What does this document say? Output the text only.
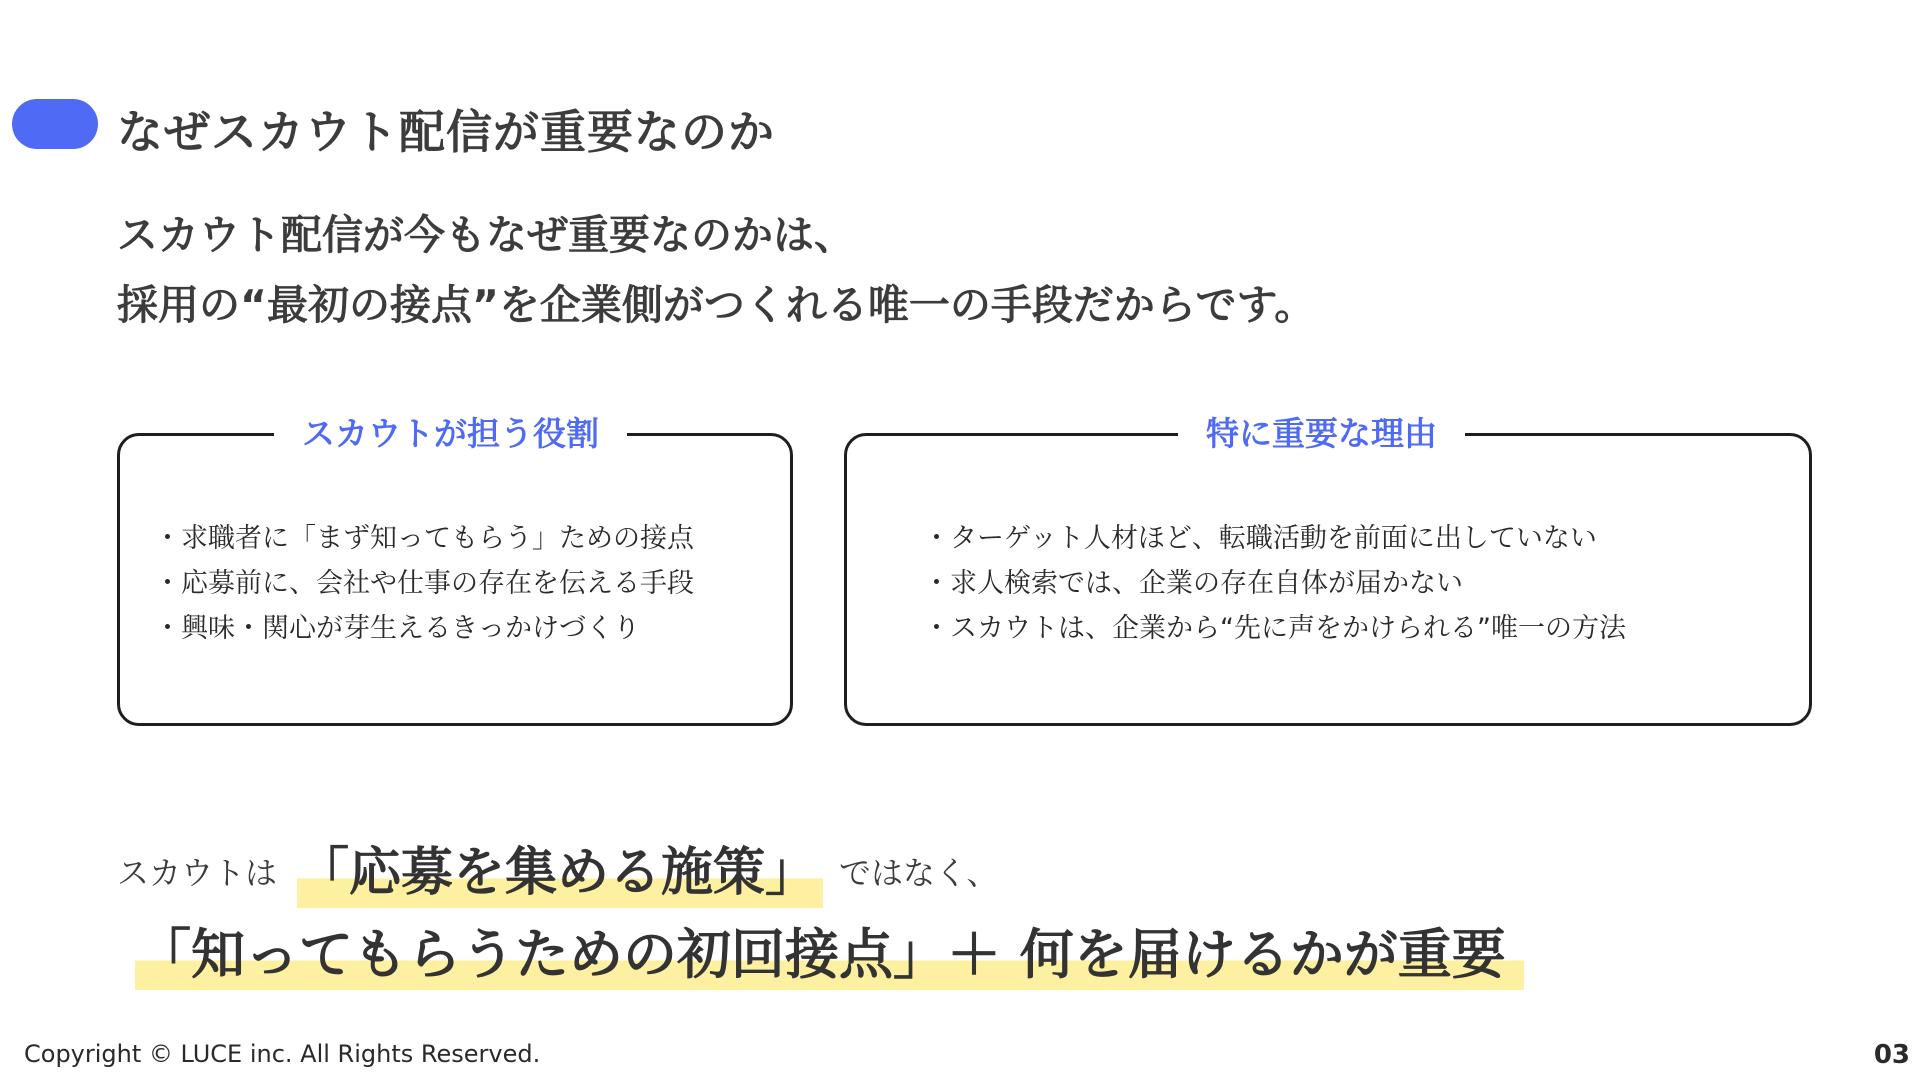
なぜスカウト配信が重要なのか
スカウト配信が今もなぜ重要なのかは、
採用の“最初の接点”を企業側がつくれる唯一の手段だからです。
スカウトが担う役割
・ 求職者に「まず知ってもらう」ための接点
・ 応募前に、会社や仕事の存在を伝える手段
・ 興味・関心が芽生えるきっかけづくり
特に重要な理由
・ ターゲット人材ほど、転職活動を前面に出していない
・ 求人検索では、企業の存在自体が届かない
・ スカウトは、企業から“先に声をかけられる”唯一の方法
スカウトは 「応募を集める施策」 ではなく、
「知ってもらうための初回接点」＋ 何を届けるかが重要
Copyright © LUCE inc. All Rights Reserved.	03
